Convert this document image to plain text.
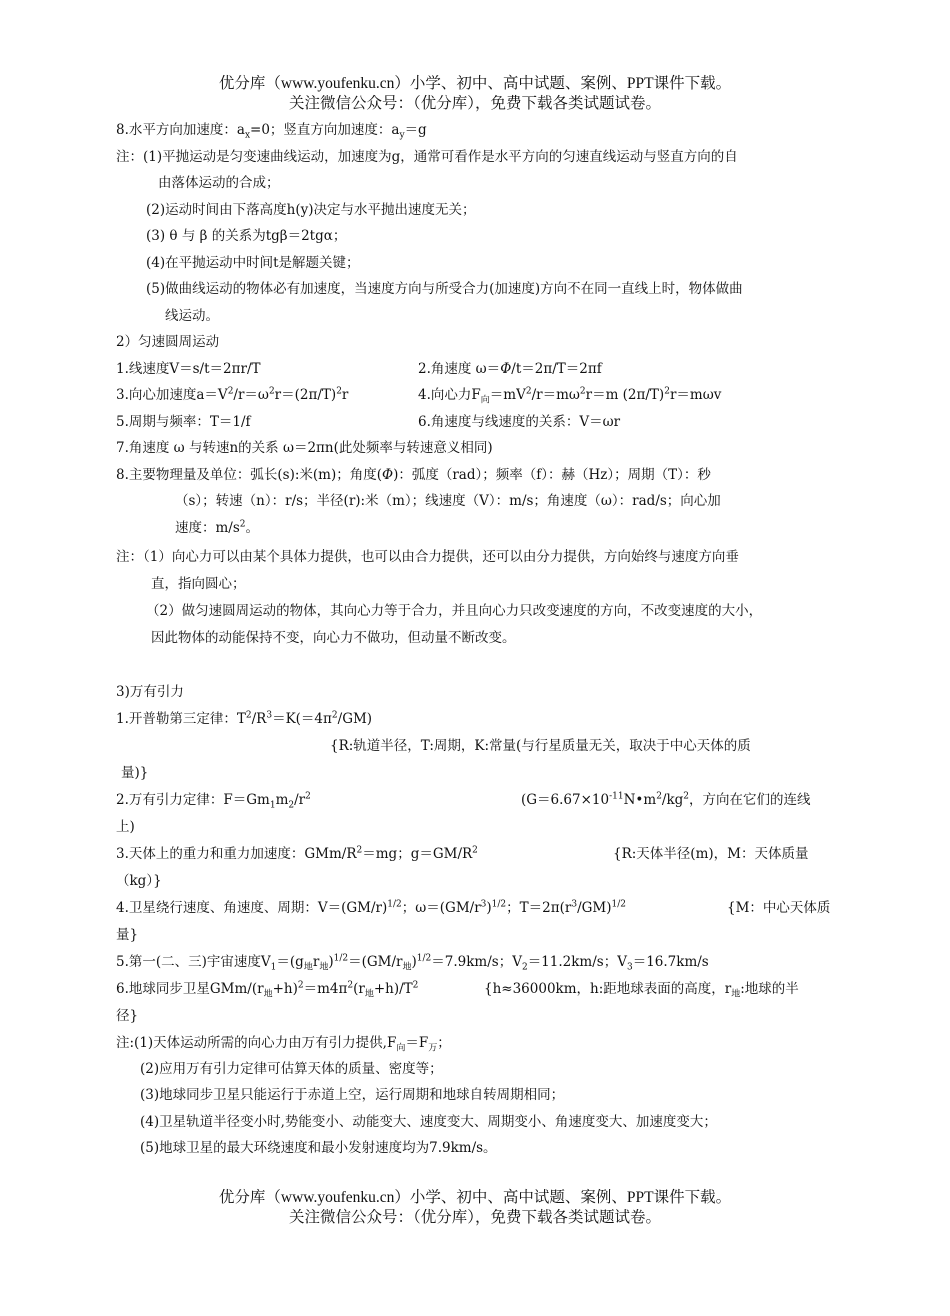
优分库（www.youfenku.cn）小学、初中、高中试题、案例、PPT课件下载。
关注微信公众号：（优分库），免费下载各类试题试卷。
8.水平方向加速度：$a_x=0$；竖直方向加速度：$a_y=g$
注：(1)平抛运动是匀变速曲线运动，加速度为g，通常可看作是水平方向的匀速直线运动与竖直方向的自
由落体运动的合成；
(2)运动时间由下落高度h(y)决定与水平抛出速度无关；
(3) θ 与 β 的关系为tgβ＝2tgα；
(4)在平抛运动中时间t是解题关键；
(5)做曲线运动的物体必有加速度，当速度方向与所受合力(加速度)方向不在同一直线上时，物体做曲
线运动。
2）匀速圆周运动
1.线速度V＝s/t＝2πr/T	2.角速度 ω＝Φ/t＝2π/T＝2πf
3.向心加速度$a=V^2/r=\omega^2r=(2\pi/T)^2r$	4.向心力$F_向=mV^2/r=m\omega^2r=m$ $(2\pi/T)^2r=m\omega v$
5.周期与频率：T＝1/f	6.角速度与线速度的关系：V＝ωr
7.角速度 ω 与转速n的关系 ω＝2πn(此处频率与转速意义相同)
8.主要物理量及单位：弧长(s):米(m)；角度(Φ)：弧度（rad）；频率（f）：赫（Hz）；周期（T）：秒
（s）；转速（n）：r/s；半径(r):米（m）；线速度（V）：m/s；角速度（ω）：rad/s；向心加
速度：$m/s^2$。
注：（1）向心力可以由某个具体力提供，也可以由合力提供，还可以由分力提供，方向始终与速度方向垂
直，指向圆心；
（2）做匀速圆周运动的物体，其向心力等于合力，并且向心力只改变速度的方向，不改变速度的大小，
因此物体的动能保持不变，向心力不做功，但动量不断改变。
3)万有引力
1.开普勒第三定律：$T^2/R^3=K(=4\pi^2/GM)$
{R:轨道半径，T:周期，K:常量(与行星质量无关，取决于中心天体的质
量)}
2.万有引力定律：$F=Gm_1m_2/r^2$	($G=6.67\times 10^{-11}N•m^2/kg^2$，方向在它们的连线
上)
3.天体上的重力和重力加速度：GMm/$R^2=mg$；$g=GM/R^2$	{R:天体半径(m)，M：天体质量
（kg）}
4.卫星绕行速度、角速度、周期：$V=(GM/r)^{1/2}$；$\omega=(GM/r^3)^{1/2}$；$T=2\pi(r^3/GM)^{1/2}$	{M：中心天体质
量}
5.第一(二、三)宇宙速度$V_1=(g_地r_地)^{1/2}=(GM/r_地)^{1/2}=7.9km/s$；$V_2=11.2km/s$；$V_3=16.7km/s$
6.地球同步卫星GMm/$(r_地+h)^2=m4\pi^2(r_地+h)/T^2$	{h≈36000km，h:距地球表面的高度，$r_地$:地球的半
径}
注:(1)天体运动所需的向心力由万有引力提供$,F_向=F_万$；
(2)应用万有引力定律可估算天体的质量、密度等；
(3)地球同步卫星只能运行于赤道上空，运行周期和地球自转周期相同；
(4)卫星轨道半径变小时,势能变小、动能变大、速度变大、周期变小、角速度变大、加速度变大；
(5)地球卫星的最大环绕速度和最小发射速度均为7.9km/s。
优分库（www.youfenku.cn）小学、初中、高中试题、案例、PPT课件下载。
关注微信公众号：（优分库），免费下载各类试题试卷。
